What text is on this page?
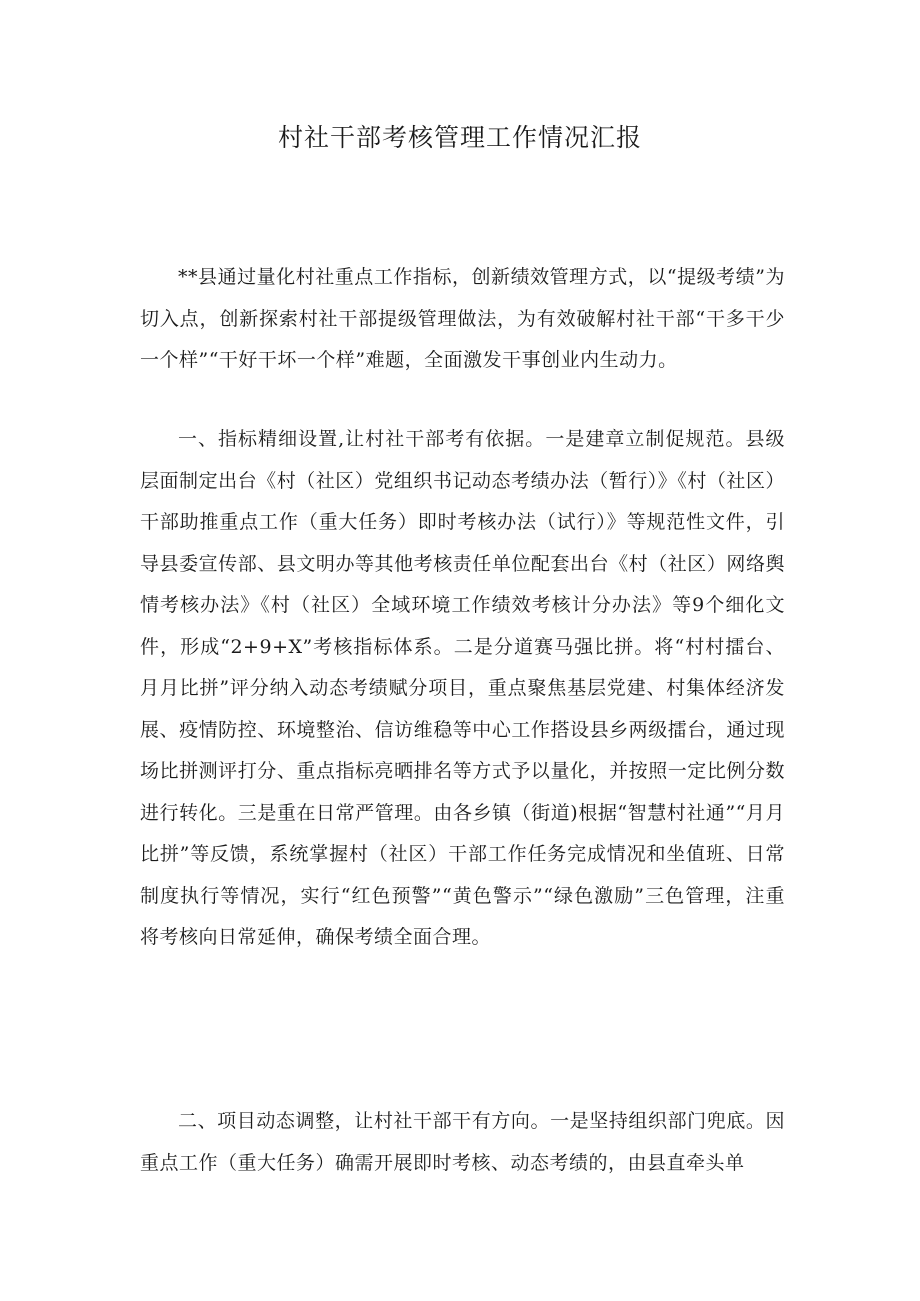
村社干部考核管理工作情况汇报

**县通过量化村社重点工作指标，创新绩效管理方式，以“提级考绩”为切入点，创新探索村社干部提级管理做法，为有效破解村社干部“干多干少一个样”“干好干坏一个样”难题，全面激发干事创业内生动力。

一、指标精细设置,让村社干部考有依据。一是建章立制促规范。县级层面制定出台《村（社区）党组织书记动态考绩办法（暂行）》《村（社区）干部助推重点工作（重大任务）即时考核办法（试行）》等规范性文件，引导县委宣传部、县文明办等其他考核责任单位配套出台《村（社区）网络舆情考核办法》《村（社区）全域环境工作绩效考核计分办法》等9个细化文件，形成“2+9+X”考核指标体系。二是分道赛马强比拼。将“村村擂台、月月比拼”评分纳入动态考绩赋分项目，重点聚焦基层党建、村集体经济发展、疫情防控、环境整治、信访维稳等中心工作搭设县乡两级擂台，通过现场比拼测评打分、重点指标亮晒排名等方式予以量化，并按照一定比例分数进行转化。三是重在日常严管理。由各乡镇（街道)根据“智慧村社通”“月月比拼”等反馈，系统掌握村（社区）干部工作任务完成情况和坐值班、日常制度执行等情况，实行“红色预警”“黄色警示”“绿色激励”三色管理，注重将考核向日常延伸，确保考绩全面合理。

二、项目动态调整，让村社干部干有方向。一是坚持组织部门兜底。因重点工作（重大任务）确需开展即时考核、动态考绩的，由县直牵头单
